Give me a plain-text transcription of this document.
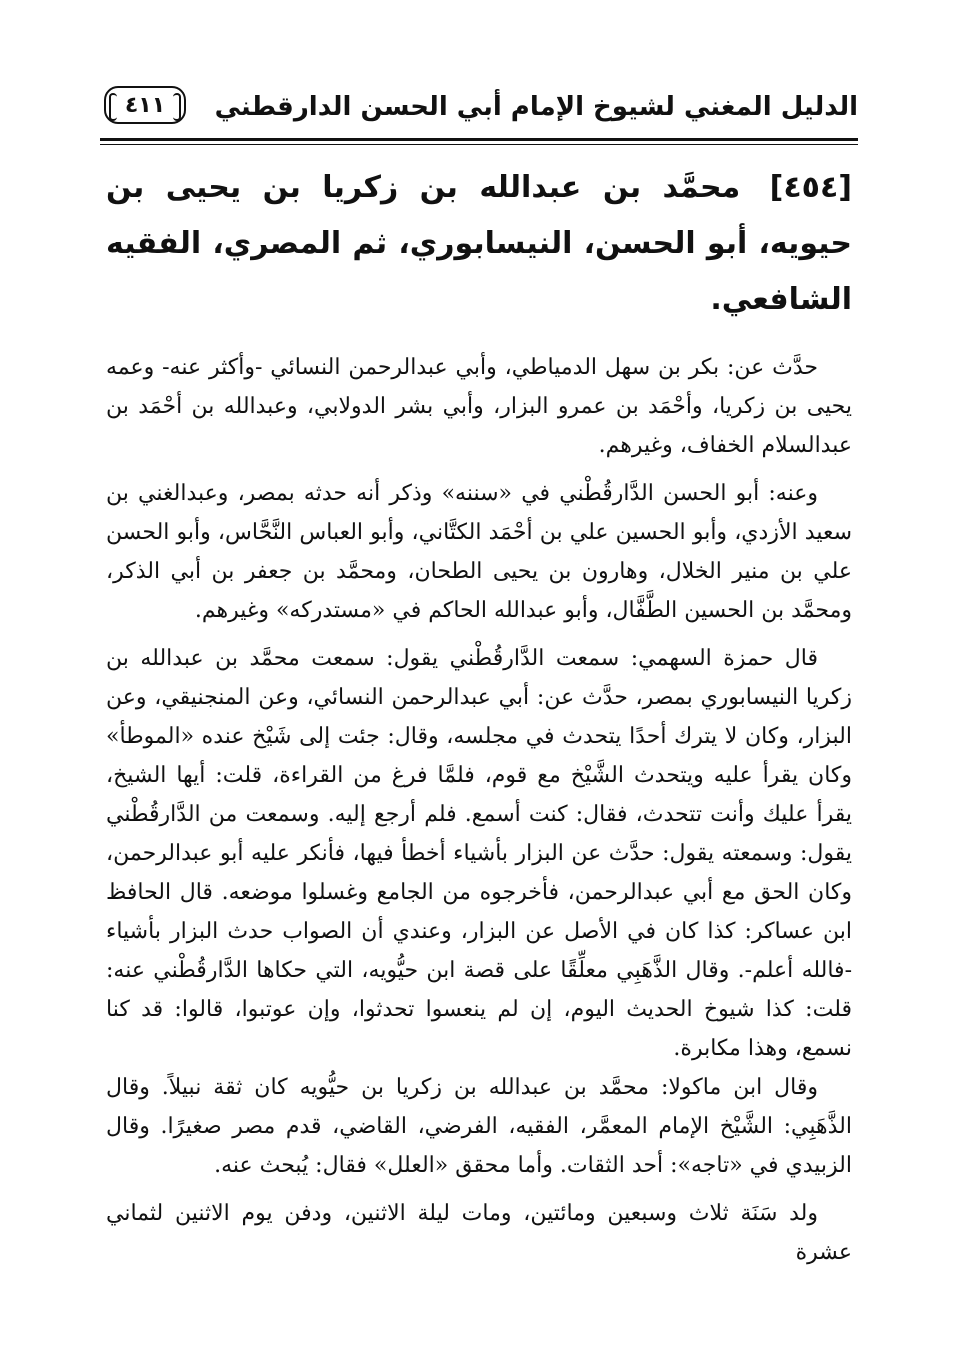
الدليل المغني لشيوخ الإمام أبي الحسن الدارقطني
٤١١
[٤٥٤] محمَّد بن عبدالله بن زكريا بن يحيى بن حيويه، أبو الحسن، النيسابوري، ثم المصري، الفقيه الشافعي.

حدَّث عن: بكر بن سهل الدمياطي، وأبي عبدالرحمن النسائي -وأكثر عنه- وعمه يحيى بن زكريا، وأحْمَد بن عمرو البزار، وأبي بشر الدولابي، وعبدالله بن أحْمَد بن عبدالسلام الخفاف، وغيرهم.

وعنه: أبو الحسن الدَّارقُطْني في «سننه» وذكر أنه حدثه بمصر، وعبدالغني بن سعيد الأزدي، وأبو الحسين علي بن أحْمَد الكتَّاني، وأبو العباس النَّحَّاس، وأبو الحسن علي بن منير الخلال، وهارون بن يحيى الطحان، ومحمَّد بن جعفر بن أبي الذكر، ومحمَّد بن الحسين الطَّفَّال، وأبو عبدالله الحاكم في «مستدركه» وغيرهم.

قال حمزة السهمي: سمعت الدَّارقُطْني يقول: سمعت محمَّد بن عبدالله بن زكريا النيسابوري بمصر، حدَّث عن: أبي عبدالرحمن النسائي، وعن المنجنيقي، وعن البزار، وكان لا يترك أحدًا يتحدث في مجلسه، وقال: جئت إلى شَيْخ عنده «الموطأ» وكان يقرأ عليه ويتحدث الشَّيْخ مع قوم، فلمَّا فرغ من القراءة، قلت: أيها الشيخ، يقرأ عليك وأنت تتحدث، فقال: كنت أسمع. فلم أرجع إليه. وسمعت من الدَّارقُطْني يقول: وسمعته يقول: حدَّث عن البزار بأشياء أخطأ فيها، فأنكر عليه أبو عبدالرحمن، وكان الحق مع أبي عبدالرحمن، فأخرجوه من الجامع وغسلوا موضعه. قال الحافظ ابن عساكر: كذا كان في الأصل عن البزار، وعندي أن الصواب حدث البزار بأشياء -فالله أعلم-. وقال الذَّهَبِي معلِّقًا على قصة ابن حيُّويه، التي حكاها الدَّارقُطْني عنه: قلت: كذا شيوخ الحديث اليوم، إن لم ينعسوا تحدثوا، وإن عوتبوا، قالوا: قد كنا نسمع، وهذا مكابرة.

وقال ابن ماكولا: محمَّد بن عبدالله بن زكريا بن حيُّويه كان ثقة نبيلاً. وقال الذَّهَبِي: الشَّيْخ الإمام المعمَّر، الفقيه، الفرضي، القاضي، قدم مصر صغيرًا. وقال الزبيدي في «تاجه»: أحد الثقات. وأما محقق «العلل» فقال: يُبحث عنه.

ولد سَنَة ثلاث وسبعين ومائتين، ومات ليلة الاثنين، ودفن يوم الاثنين لثماني عشرة
